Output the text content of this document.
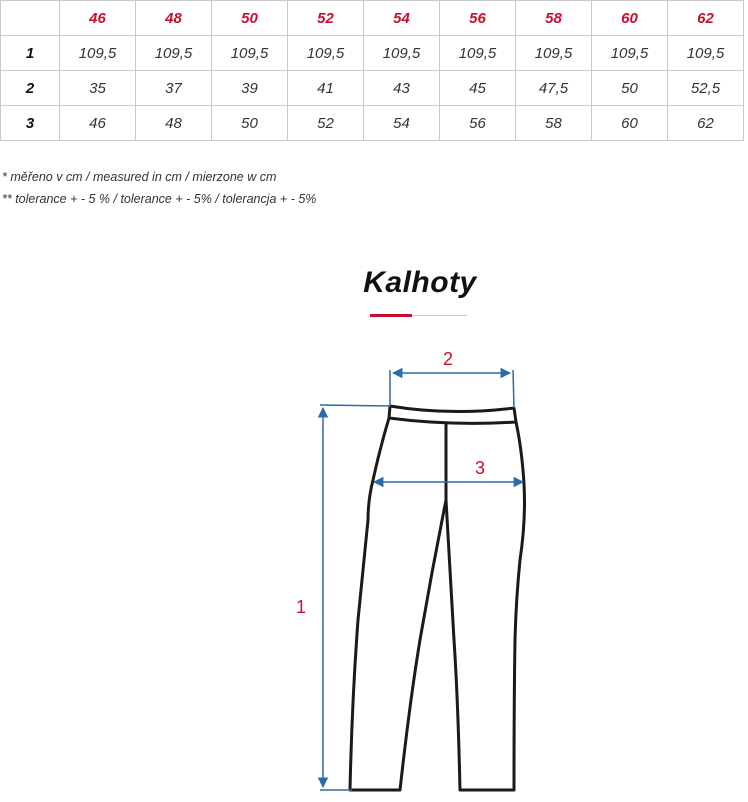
	46	48	50	52	54	56	58	60	62
1	109,5	109,5	109,5	109,5	109,5	109,5	109,5	109,5	109,5
2	35	37	39	41	43	45	47,5	50	52,5
3	46	48	50	52	54	56	58	60	62
* měřeno v cm / measured in cm / mierzone w cm
** tolerance + - 5 % / tolerance + - 5% / tolerancja + - 5%
Kalhoty
1
2
3
